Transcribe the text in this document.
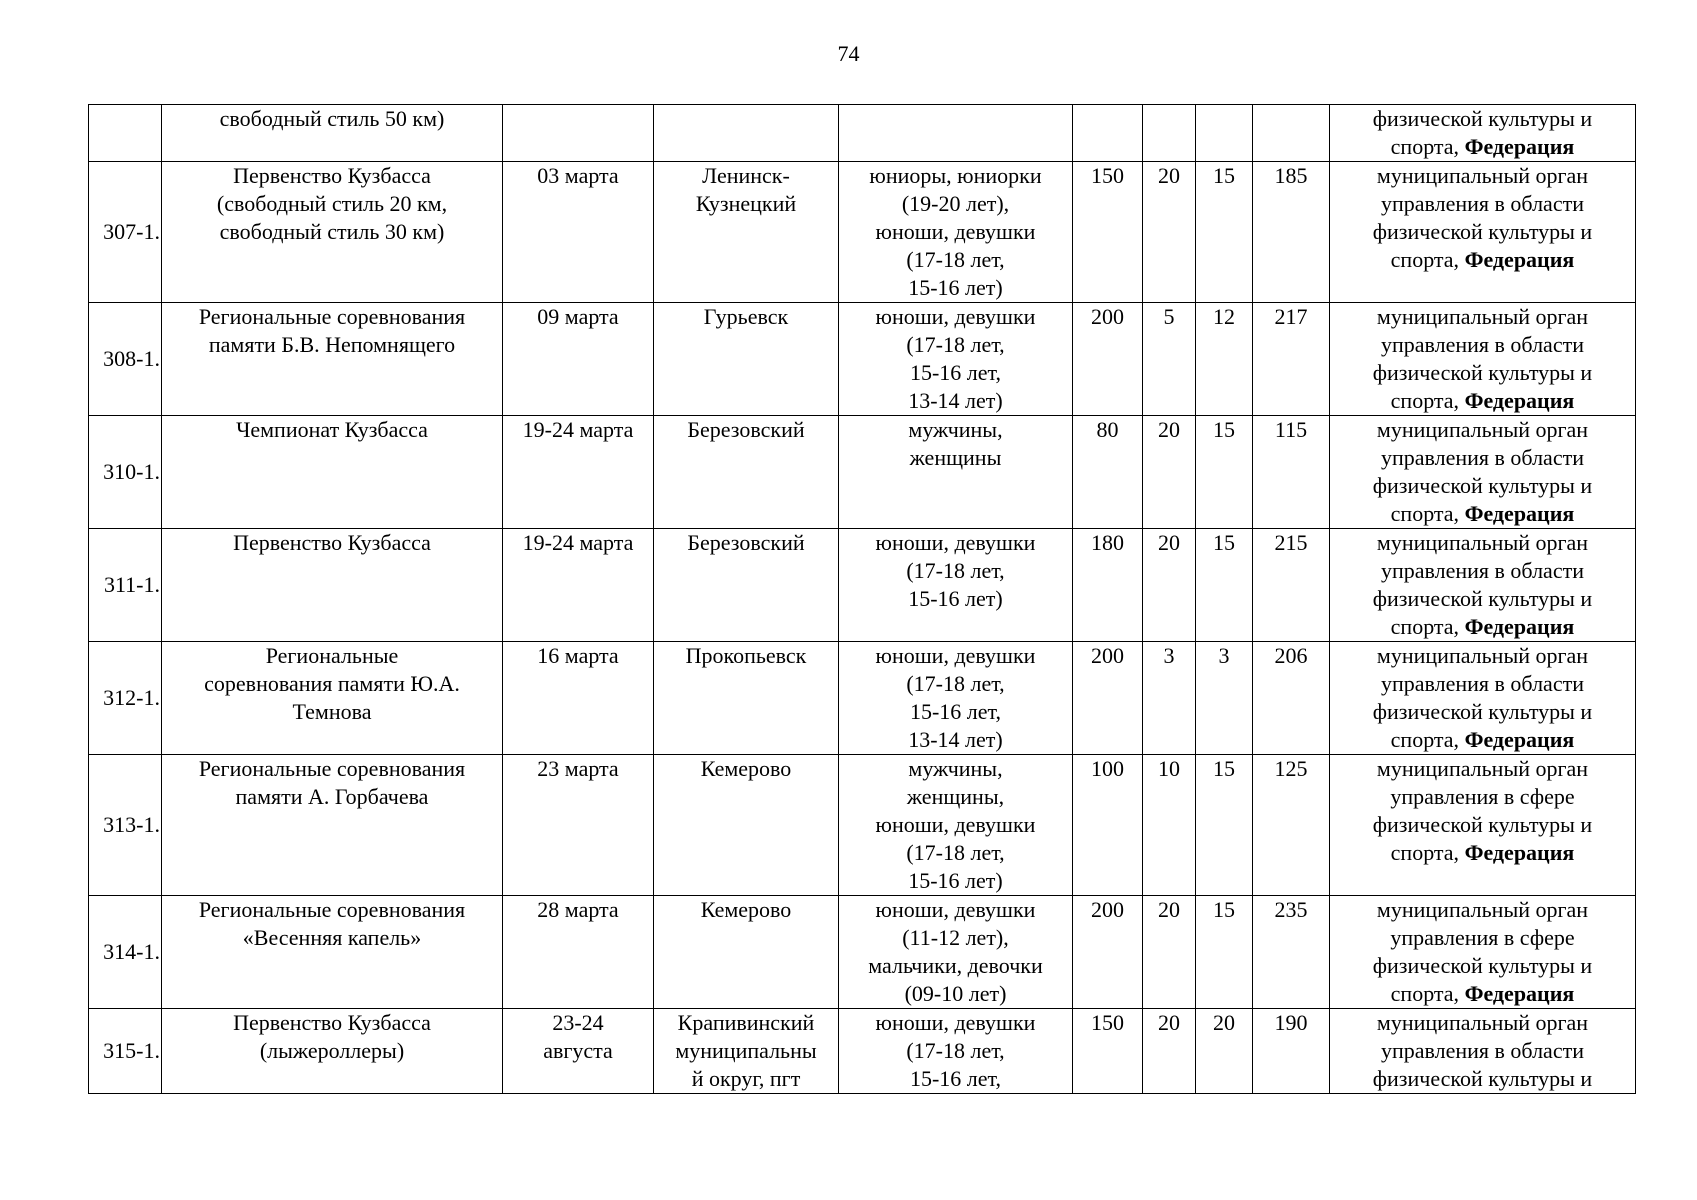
74
	свободный стиль 50 км)								физической культуры и
спорта, Федерация
307-1.	Первенство Кузбасса
(свободный стиль 20 км,
свободный стиль 30 км)	03 марта	Ленинск-
Кузнецкий	юниоры, юниорки
(19-20 лет),
юноши, девушки
(17-18 лет,
15-16 лет)	150	20	15	185	муниципальный орган
управления в области
физической культуры и
спорта, Федерация
308-1.	Региональные соревнования
памяти Б.В. Непомнящего	09 марта	Гурьевск	юноши, девушки
(17-18 лет,
15-16 лет,
13-14 лет)	200	5	12	217	муниципальный орган
управления в области
физической культуры и
спорта, Федерация
310-1.	Чемпионат Кузбасса	19-24 марта	Березовский	мужчины,
женщины	80	20	15	115	муниципальный орган
управления в области
физической культуры и
спорта, Федерация
311-1.	Первенство Кузбасса	19-24 марта	Березовский	юноши, девушки
(17-18 лет,
15-16 лет)	180	20	15	215	муниципальный орган
управления в области
физической культуры и
спорта, Федерация
312-1.	Региональные
соревнования памяти Ю.А.
Темнова	16 марта	Прокопьевск	юноши, девушки
(17-18 лет,
15-16 лет,
13-14 лет)	200	3	3	206	муниципальный орган
управления в области
физической культуры и
спорта, Федерация
313-1.	Региональные соревнования
памяти А. Горбачева	23 марта	Кемерово	мужчины,
женщины,
юноши, девушки
(17-18 лет,
15-16 лет)	100	10	15	125	муниципальный орган
управления в сфере
физической культуры и
спорта, Федерация
314-1.	Региональные соревнования
«Весенняя капель»	28 марта	Кемерово	юноши, девушки
(11-12 лет),
мальчики, девочки
(09-10 лет)	200	20	15	235	муниципальный орган
управления в сфере
физической культуры и
спорта, Федерация
315-1.	Первенство Кузбасса
(лыжероллеры)	23-24
августа	Крапивинский
муниципальны
й округ, пгт	юноши, девушки
(17-18 лет,
15-16 лет,	150	20	20	190	муниципальный орган
управления в области
физической культуры и
